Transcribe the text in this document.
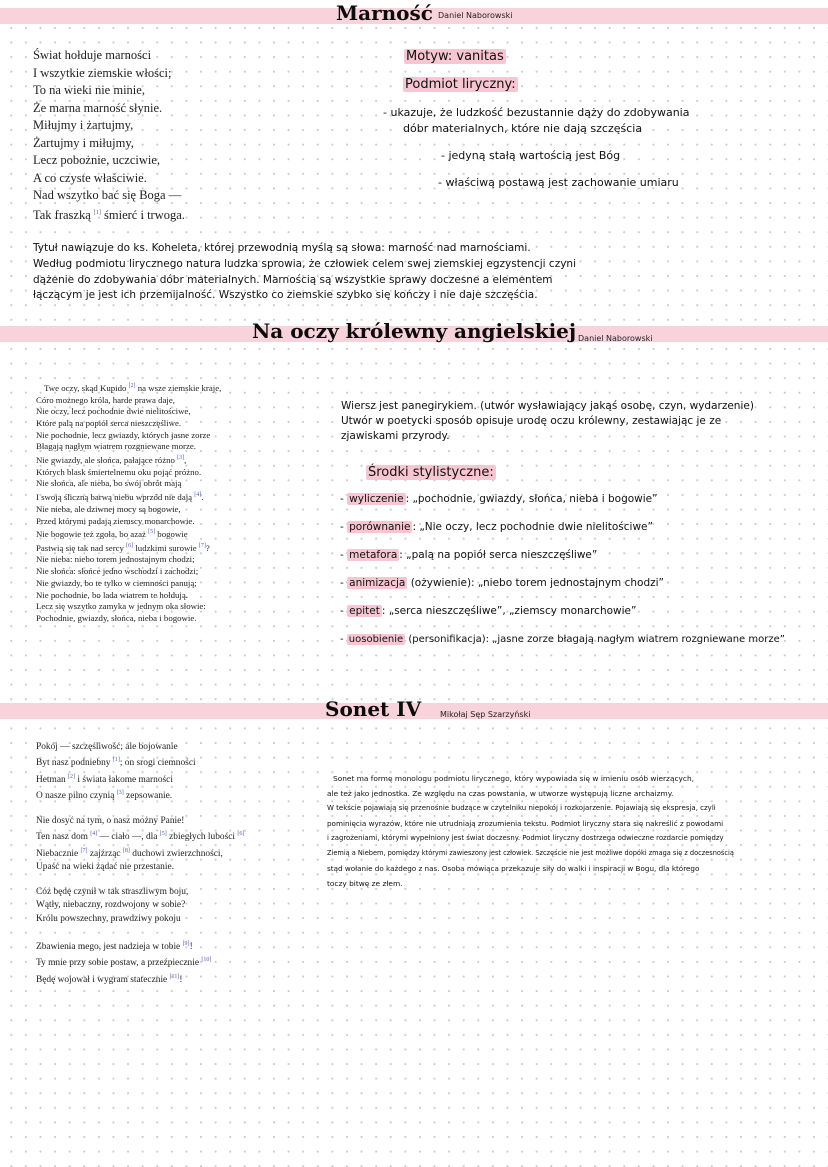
Marność Daniel Naborowski
Świat hołduje marności
I wszytkie ziemskie włości;
To na wieki nie minie,
Że marna marność słynie.
Miłujmy i żartujmy,
Żartujmy i miłujmy,
Lecz pobożnie, uczciwie,
A co czyste właściwie.
Nad wszytko bać się Boga —
Tak fraszką [1] śmierć i trwoga.
Motyw: vanitas
Podmiot liryczny:
- ukazuje, że ludzkość bezustannie dąży do zdobywania
dóbr materialnych, które nie dają szczęścia
- jedyną stałą wartością jest Bóg
- właściwą postawą jest zachowanie umiaru
Tytuł nawiązuje do ks. Koheleta, której przewodnią myślą są słowa: marność nad marnościami.
Według podmiotu lirycznego natura ludzka sprowia, że człowiek celem swej ziemskiej egzystencji czyni
dążenie do zdobywania dóbr materialnych. Marnością są wszystkie sprawy doczesne a elementem
łączącym je jest ich przemijalność. Wszystko co ziemskie szybko się kończy i nie daje szczęścia.
Na oczy królewny angielskiej Daniel Naborowski
Twe oczy, skąd Kupido [2] na wsze ziemskie kraje,
Córo możnego króla, harde prawa daje,
Nie oczy, lecz pochodnie dwie nielitościwe,
Które palą na popiół serca nieszczęśliwe.
Nie pochodnie, lecz gwiazdy, których jasne zorze
Błagają nagłym wiatrem rozgniewane morze.
Nie gwiazdy, ale słońca, pałające różno [3],
Których blask śmiertelnemu oku pojąć próżno.
Nie słońca, ale nieba, bo swój obrót mają
I swoją śliczną barwą niebu wprzód nie dają [4].
Nie nieba, ale dziwnej mocy są bogowie,
Przed którymi padają ziemscy monarchowie.
Nie bogowie też zgoła, bo azaż [5] bogowie
Pastwią się tak nad sercy [6] ludzkimi surowie [7]?
Nie nieba: niebo torem jednostajnym chodzi;
Nie słońca: słońce jedno wschodzi i zachodzi;
Nie gwiazdy, bo te tylko w ciemności panują;
Nie pochodnie, bo lada wiatrem te hołdują.
Lecz się wszytko zamyka w jednym oka słowie:
Pochodnie, gwiazdy, słońca, nieba i bogowie.
Wiersz jest panegirykiem. (utwór wysławiający jakąś osobę, czyn, wydarzenie)
Utwór w poetycki sposób opisuje urodę oczu królewny, zestawiając je ze
zjawiskami przyrody.
Środki stylistyczne:
- wyliczenie : „pochodnie, gwiazdy, słońca, nieba i bogowie”
- porównanie : „Nie oczy, lecz pochodnie dwie nielitościwe”
- metafora : „palą na popiół serca nieszczęśliwe”
- animizacja (ożywienie): „niebo torem jednostajnym chodzi”
- epitet : „serca nieszczęśliwe”, „ziemscy monarchowie”
- uosobienie (personifikacja): „jasne zorze błagają nagłym wiatrem rozgniewane morze”
Sonet IV Mikołaj Sęp Szarzyński
Pokój — szczęśliwość; ale bojowanie
Byt nasz podniebny [1]; on srogi ciemności
Hetman [2] i świata łakome marności
O nasze pilno czynią [3] zepsowanie.
Nie dosyć na tym, o nasz możny Panie!
Ten nasz dom [4] — ciało —, dla [5] zbiegłych lubości [6]
Niebacznie [7] zajźrząc [8] duchowi zwierzchności,
Upaść na wieki żądać nie przestanie.
Cóż będę czynił w tak straszliwym boju,
Wątły, niebaczny, rozdwojony w sobie?
Królu powszechny, prawdziwy pokoju
Zbawienia mego, jest nadzieja w tobie [9]!
Ty mnie przy sobie postaw, a przeźpiecznie [10]
Będę wojował i wygram statecznie [11]!
Sonet ma formę monologu podmiotu lirycznego, który wypowiada się w imieniu osób wierzących,
ale też jako jednostka. Ze względu na czas powstania, w utworze występują liczne archaizmy.
W tekście pojawiają się przenośnie budzące w czytelniku niepokój i rozkojarzenie. Pojawiają się ekspresja, czyli
pominięcia wyrazów, które nie utrudniają zrozumienia tekstu. Podmiot liryczny stara się nakreślić z powodami
i zagrożeniami, którymi wypełniony jest świat doczesny. Podmiot liryczny dostrzega odwieczne rozdarcie pomiędzy
Ziemią a Niebem, pomiędzy którymi zawieszony jest człowiek. Szczęście nie jest możliwe dopóki zmaga się z doczesnością
stąd wołanie do każdego z nas. Osoba mówiąca przekazuje siły do walki i inspiracji w Bogu, dla którego
toczy bitwę ze złem.
